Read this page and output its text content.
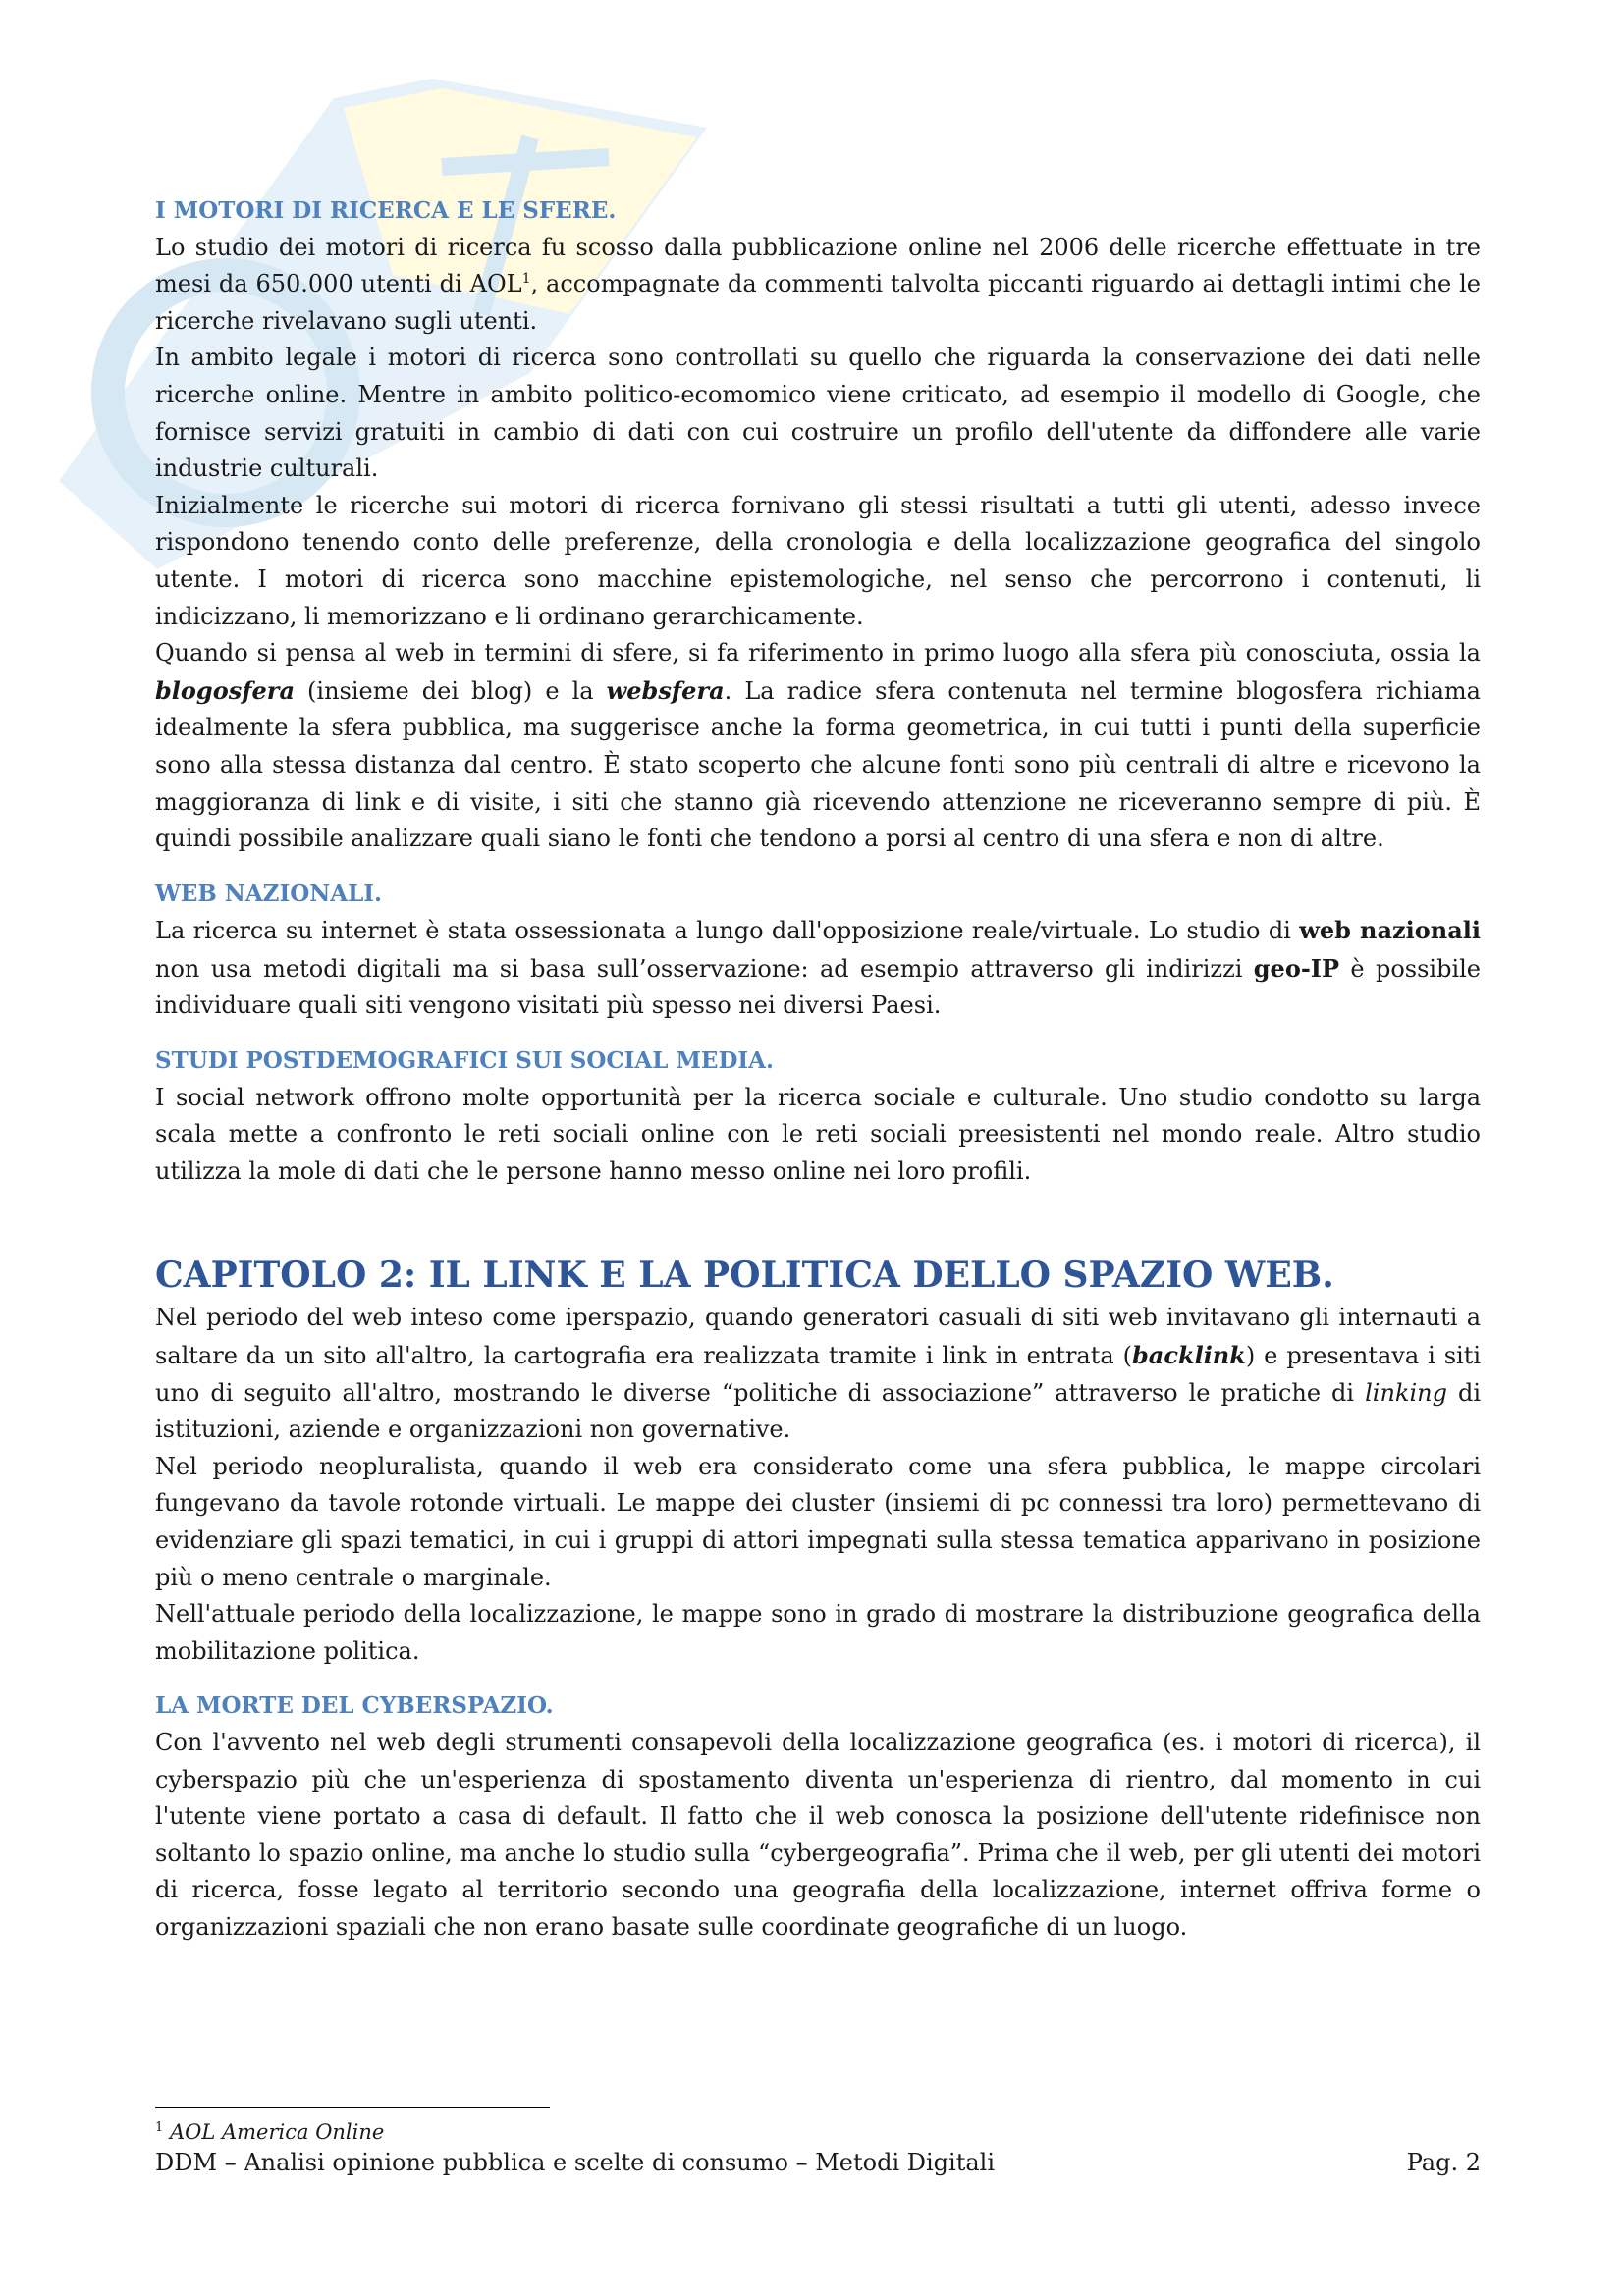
I MOTORI DI RICERCA E LE SFERE.

Lo studio dei motori di ricerca fu scosso dalla pubblicazione online nel 2006 delle ricerche effettuate in tre mesi da 650.000 utenti di AOL$^1$, accompagnate da commenti talvolta piccanti riguardo ai dettagli intimi che le ricerche rivelavano sugli utenti.

In ambito legale i motori di ricerca sono controllati su quello che riguarda la conservazione dei dati nelle ricerche online. Mentre in ambito politico-ecomomico viene criticato, ad esempio il modello di Google, che fornisce servizi gratuiti in cambio di dati con cui costruire un profilo dell'utente da diffondere alle varie industrie culturali.

Inizialmente le ricerche sui motori di ricerca fornivano gli stessi risultati a tutti gli utenti, adesso invece rispondono tenendo conto delle preferenze, della cronologia e della localizzazione geografica del singolo utente. I motori di ricerca sono macchine epistemologiche, nel senso che percorrono i contenuti, li indicizzano, li memorizzano e li ordinano gerarchicamente.

Quando si pensa al web in termini di sfere, si fa riferimento in primo luogo alla sfera più conosciuta, ossia la blogosfera (insieme dei blog) e la websfera. La radice sfera contenuta nel termine blogosfera richiama idealmente la sfera pubblica, ma suggerisce anche la forma geometrica, in cui tutti i punti della superficie sono alla stessa distanza dal centro. È stato scoperto che alcune fonti sono più centrali di altre e ricevono la maggioranza di link e di visite, i siti che stanno già ricevendo attenzione ne riceveranno sempre di più. È quindi possibile analizzare quali siano le fonti che tendono a porsi al centro di una sfera e non di altre.

WEB NAZIONALI.

La ricerca su internet è stata ossessionata a lungo dall'opposizione reale/virtuale. Lo studio di web nazionali non usa metodi digitali ma si basa sull’osservazione: ad esempio attraverso gli indirizzi geo-IP è possibile individuare quali siti vengono visitati più spesso nei diversi Paesi.

STUDI POSTDEMOGRAFICI SUI SOCIAL MEDIA.

I social network offrono molte opportunità per la ricerca sociale e culturale. Uno studio condotto su larga scala mette a confronto le reti sociali online con le reti sociali preesistenti nel mondo reale. Altro studio utilizza la mole di dati che le persone hanno messo online nei loro profili.

CAPITOLO 2: IL LINK E LA POLITICA DELLO SPAZIO WEB.

Nel periodo del web inteso come iperspazio, quando generatori casuali di siti web invitavano gli internauti a saltare da un sito all'altro, la cartografia era realizzata tramite i link in entrata (backlink) e presentava i siti uno di seguito all'altro, mostrando le diverse “politiche di associazione” attraverso le pratiche di linking di istituzioni, aziende e organizzazioni non governative.

Nel periodo neopluralista, quando il web era considerato come una sfera pubblica, le mappe circolari fungevano da tavole rotonde virtuali. Le mappe dei cluster (insiemi di pc connessi tra loro) permettevano di evidenziare gli spazi tematici, in cui i gruppi di attori impegnati sulla stessa tematica apparivano in posizione più o meno centrale o marginale.

Nell'attuale periodo della localizzazione, le mappe sono in grado di mostrare la distribuzione geografica della mobilitazione politica.

LA MORTE DEL CYBERSPAZIO.

Con l'avvento nel web degli strumenti consapevoli della localizzazione geografica (es. i motori di ricerca), il cyberspazio più che un'esperienza di spostamento diventa un'esperienza di rientro, dal momento in cui l'utente viene portato a casa di default. Il fatto che il web conosca la posizione dell'utente ridefinisce non soltanto lo spazio online, ma anche lo studio sulla “cybergeografia”. Prima che il web, per gli utenti dei motori di ricerca, fosse legato al territorio secondo una geografia della localizzazione, internet offriva forme o organizzazioni spaziali che non erano basate sulle coordinate geografiche di un luogo.

$^1$ AOL America Online
DDM – Analisi opinione pubblica e scelte di consumo – Metodi Digitali	Pag. 2
